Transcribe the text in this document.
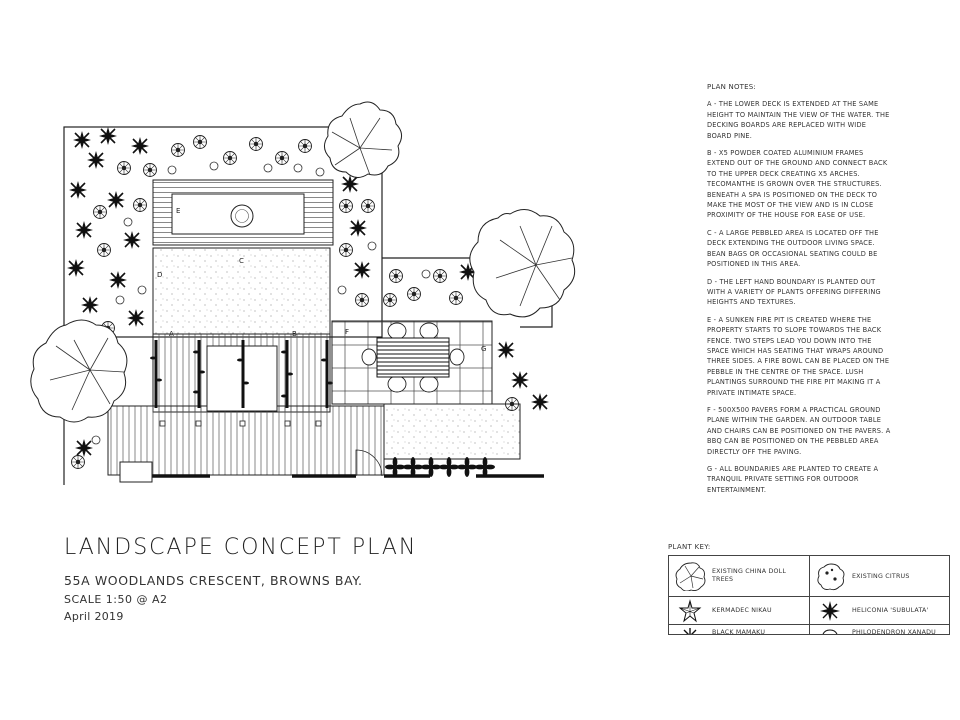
E
C
D
A	B	F
G
LANDSCAPE CONCEPT PLAN
55A WOODLANDS CRESCENT, BROWNS BAY.
SCALE 1:50 @ A2
April 2019
PLAN NOTES:
A - THE LOWER DECK IS EXTENDED AT THE SAME HEIGHT TO MAINTAIN THE VIEW OF THE WATER. THE DECKING BOARDS ARE REPLACED WITH WIDE BOARD PINE.
B - X5 POWDER COATED ALUMINIUM FRAMES EXTEND OUT OF THE GROUND AND CONNECT BACK TO THE UPPER DECK CREATING X5 ARCHES. TECOMANTHE IS GROWN OVER THE STRUCTURES. BENEATH A SPA IS POSITIONED ON THE DECK TO MAKE THE MOST OF THE VIEW AND IS IN CLOSE PROXIMITY OF THE HOUSE FOR EASE OF USE.
C - A LARGE PEBBLED AREA IS LOCATED OFF THE DECK EXTENDING THE OUTDOOR LIVING SPACE. BEAN BAGS OR OCCASIONAL SEATING COULD BE POSITIONED IN THIS AREA.
D - THE LEFT HAND BOUNDARY IS PLANTED OUT WITH A VARIETY OF PLANTS OFFERING DIFFERING HEIGHTS AND TEXTURES.
E - A SUNKEN FIRE PIT IS CREATED WHERE THE PROPERTY STARTS TO SLOPE TOWARDS THE BACK FENCE. TWO STEPS LEAD YOU DOWN INTO THE SPACE WHICH HAS SEATING THAT WRAPS AROUND THREE SIDES. A FIRE BOWL CAN BE PLACED ON THE PEBBLE IN THE CENTRE OF THE SPACE. LUSH PLANTINGS SURROUND THE FIRE PIT MAKING IT A PRIVATE INTIMATE SPACE.
F - 500X500 PAVERS FORM A PRACTICAL GROUND PLANE WITHIN THE GARDEN. AN OUTDOOR TABLE AND CHAIRS CAN BE POSITIONED ON THE PAVERS. A BBQ CAN BE POSITIONED ON THE PEBBLED AREA DIRECTLY OFF THE PAVING.
G - ALL BOUNDARIES ARE PLANTED TO CREATE A TRANQUIL PRIVATE SETTING FOR OUTDOOR ENTERTAINMENT.
PLANT KEY:
EXISTING CHINA DOLL TREES	EXISTING CITRUS
KERMADEC NIKAU	HELICONIA 'SUBULATA'
BLACK MAMAKU	PHILODENDRON XANADU
